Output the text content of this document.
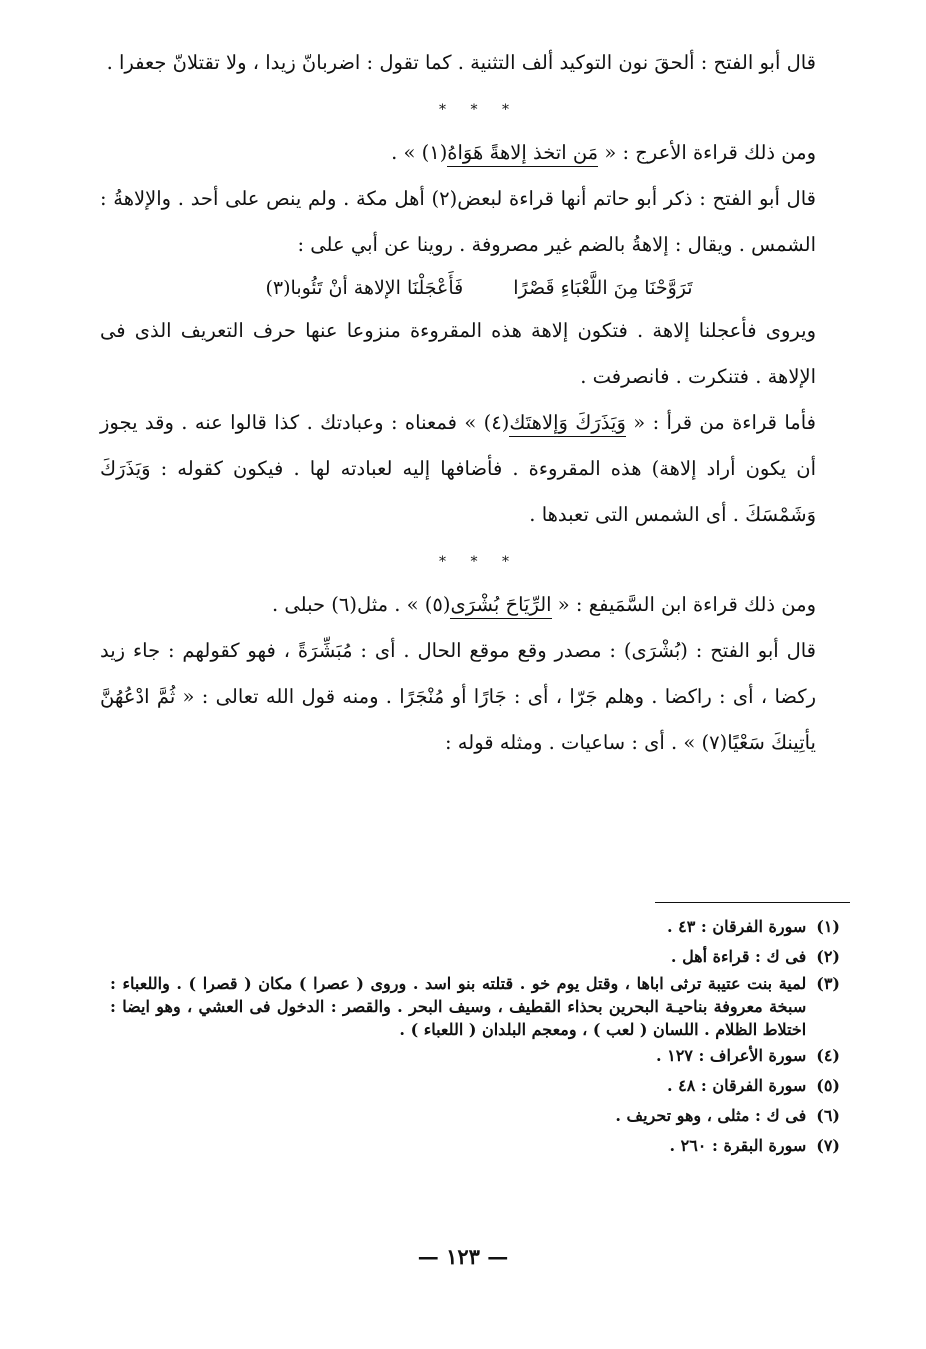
قال أبو الفتح : ألحقَ نون التوكيد ألف التثنية . كما تقول : اضربانّ زيدا ، ولا تقتلانّ جعفرا .

* * *

ومن ذلك قراءة الأعرج : « مَن اتخذ إلاهةً هَوَاهُ(١) » .

قال أبو الفتح : ذكر أبو حاتم أنها قراءة لبعض(٢) أهل مكة . ولم ينص على أحد . والإلاهةُ : الشمس . ويقال : إلاهةُ بالضم غير مصروفة . روينا عن أبي على :

تَرَوَّحْنَا مِنَ اللَّعْبَاءِ قَصْرًا
فَأَعْجَلْنَا الإلاهة أنْ تَئُوبا(٣)

ويروى فأعجلنا إلاهة . فتكون إلاهة هذه المقروءة منزوعا عنها حرف التعريف الذى فى الإلاهة . فتنكرت . فانصرفت .

فأما قراءة من قرأ : « وَيَذَرَكَ وَإلاهتَك(٤) » فمعناه : وعبادتك . كذا قالوا عنه . وقد يجوز أن يكون أراد إلاهة) هذه المقروءة . فأضافها إليه لعبادته لها . فيكون كقوله : وَيَذَرَكَ وَشَمْسَكَ . أى الشمس التى تعبدها .

* * *

ومن ذلك قراءة ابن السَّمَيفع : « الرِّيَاحَ بُشْرَى(٥) » . مثل(٦) حبلى .

قال أبو الفتح : (بُشْرَى) : مصدر وقع موقع الحال . أى : مُبَشِّرَةً ، فهو كقولهم : جاء زيد ركضا ، أى : راكضا . وهلم جَرّا ، أى : جَارًا أو مُنْجَرًا . ومنه قول الله تعالى : « ثُمَّ ادْعُهُنَّ يأتِينكَ سَعْيًا(٧) » . أى : ساعيات . ومثله قوله :

(١)
سورة الفرقان : ٤٣ .
(٢)
فى ك : قراءة أهل .
(٣)
لمية بنت عتيبة ترثى اباها ، وقتل يوم خو . قتلته بنو اسد . وروى ( عصرا ) مكان ( قصرا ) . واللعباء : سبخة معروفة بناحيـة البحرين بحذاء القطيف ، وسيف البحر . والقصر : الدخول فى العشي ، وهو ايضا : اختلاط الظلام . اللسان ( لعب ) ، ومعجم البلدان ( اللعباء ) .
(٤)
سورة الأعراف : ١٢٧ .
(٥)
سورة الفرقان : ٤٨ .
(٦)
فى ك : مثلى ، وهو تحريف .
(٧)
سورة البقرة : ٢٦٠ .
— ١٢٣ —
